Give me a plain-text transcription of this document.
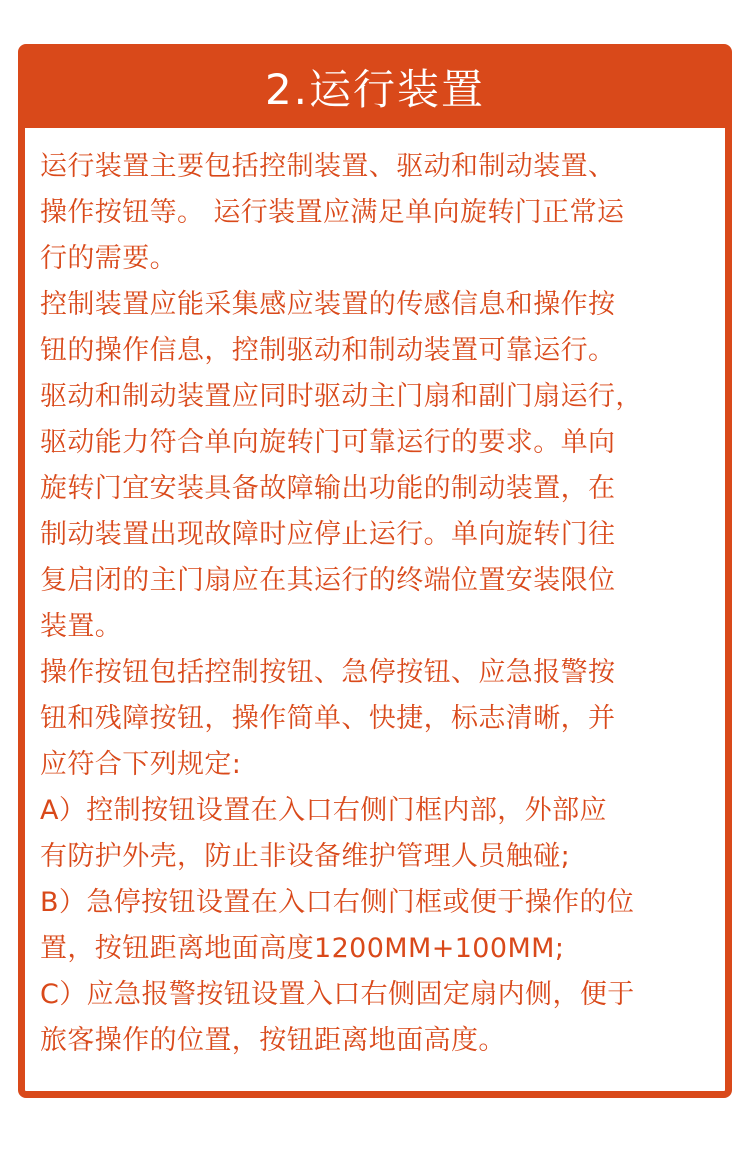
2.运行装置
运行装置主要包括控制装置、驱动和制动装置、
操作按钮等。 运行装置应满足单向旋转门正常运
行的需要。
控制装置应能采集感应装置的传感信息和操作按
钮的操作信息，控制驱动和制动装置可靠运行。
驱动和制动装置应同时驱动主门扇和副门扇运行，
驱动能力符合单向旋转门可靠运行的要求。单向
旋转门宜安装具备故障输出功能的制动装置，在
制动装置出现故障时应停止运行。单向旋转门往
复启闭的主门扇应在其运行的终端位置安装限位
装置。
操作按钮包括控制按钮、急停按钮、应急报警按
钮和残障按钮，操作简单、快捷，标志清晰，并
应符合下列规定:
A）控制按钮设置在入口右侧门框内部，外部应
有防护外壳，防止非设备维护管理人员触碰;
B）急停按钮设置在入口右侧门框或便于操作的位
置，按钮距离地面高度1200MM+100MM;
C）应急报警按钮设置入口右侧固定扇内侧，便于
旅客操作的位置，按钮距离地面高度。
